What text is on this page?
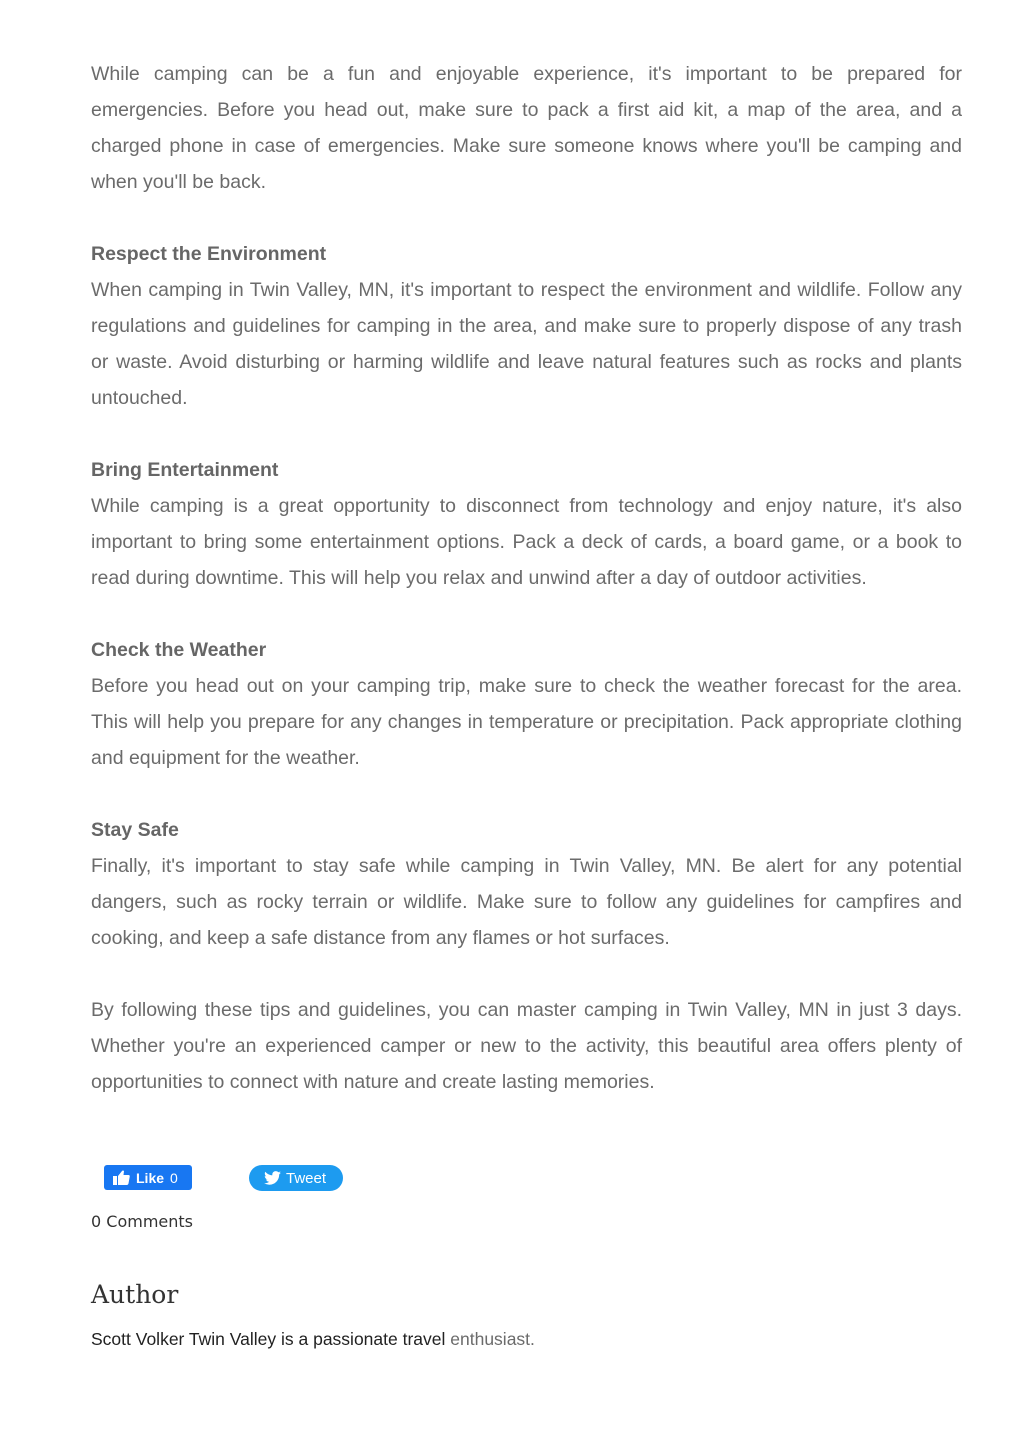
While camping can be a fun and enjoyable experience, it's important to be prepared for emergencies. Before you head out, make sure to pack a first aid kit, a map of the area, and a charged phone in case of emergencies. Make sure someone knows where you'll be camping and when you'll be back.

Respect the Environment

When camping in Twin Valley, MN, it's important to respect the environment and wildlife. Follow any regulations and guidelines for camping in the area, and make sure to properly dispose of any trash or waste. Avoid disturbing or harming wildlife and leave natural features such as rocks and plants untouched.

Bring Entertainment

While camping is a great opportunity to disconnect from technology and enjoy nature, it's also important to bring some entertainment options. Pack a deck of cards, a board game, or a book to read during downtime. This will help you relax and unwind after a day of outdoor activities.

Check the Weather

Before you head out on your camping trip, make sure to check the weather forecast for the area. This will help you prepare for any changes in temperature or precipitation. Pack appropriate clothing and equipment for the weather.

Stay Safe

Finally, it's important to stay safe while camping in Twin Valley, MN. Be alert for any potential dangers, such as rocky terrain or wildlife. Make sure to follow any guidelines for campfires and cooking, and keep a safe distance from any flames or hot surfaces.

By following these tips and guidelines, you can master camping in Twin Valley, MN in just 3 days. Whether you're an experienced camper or new to the activity, this beautiful area offers plenty of opportunities to connect with nature and create lasting memories.

Like 0	Tweet
0 Comments
Author

Scott Volker Twin Valley is a passionate travel enthusiast.
